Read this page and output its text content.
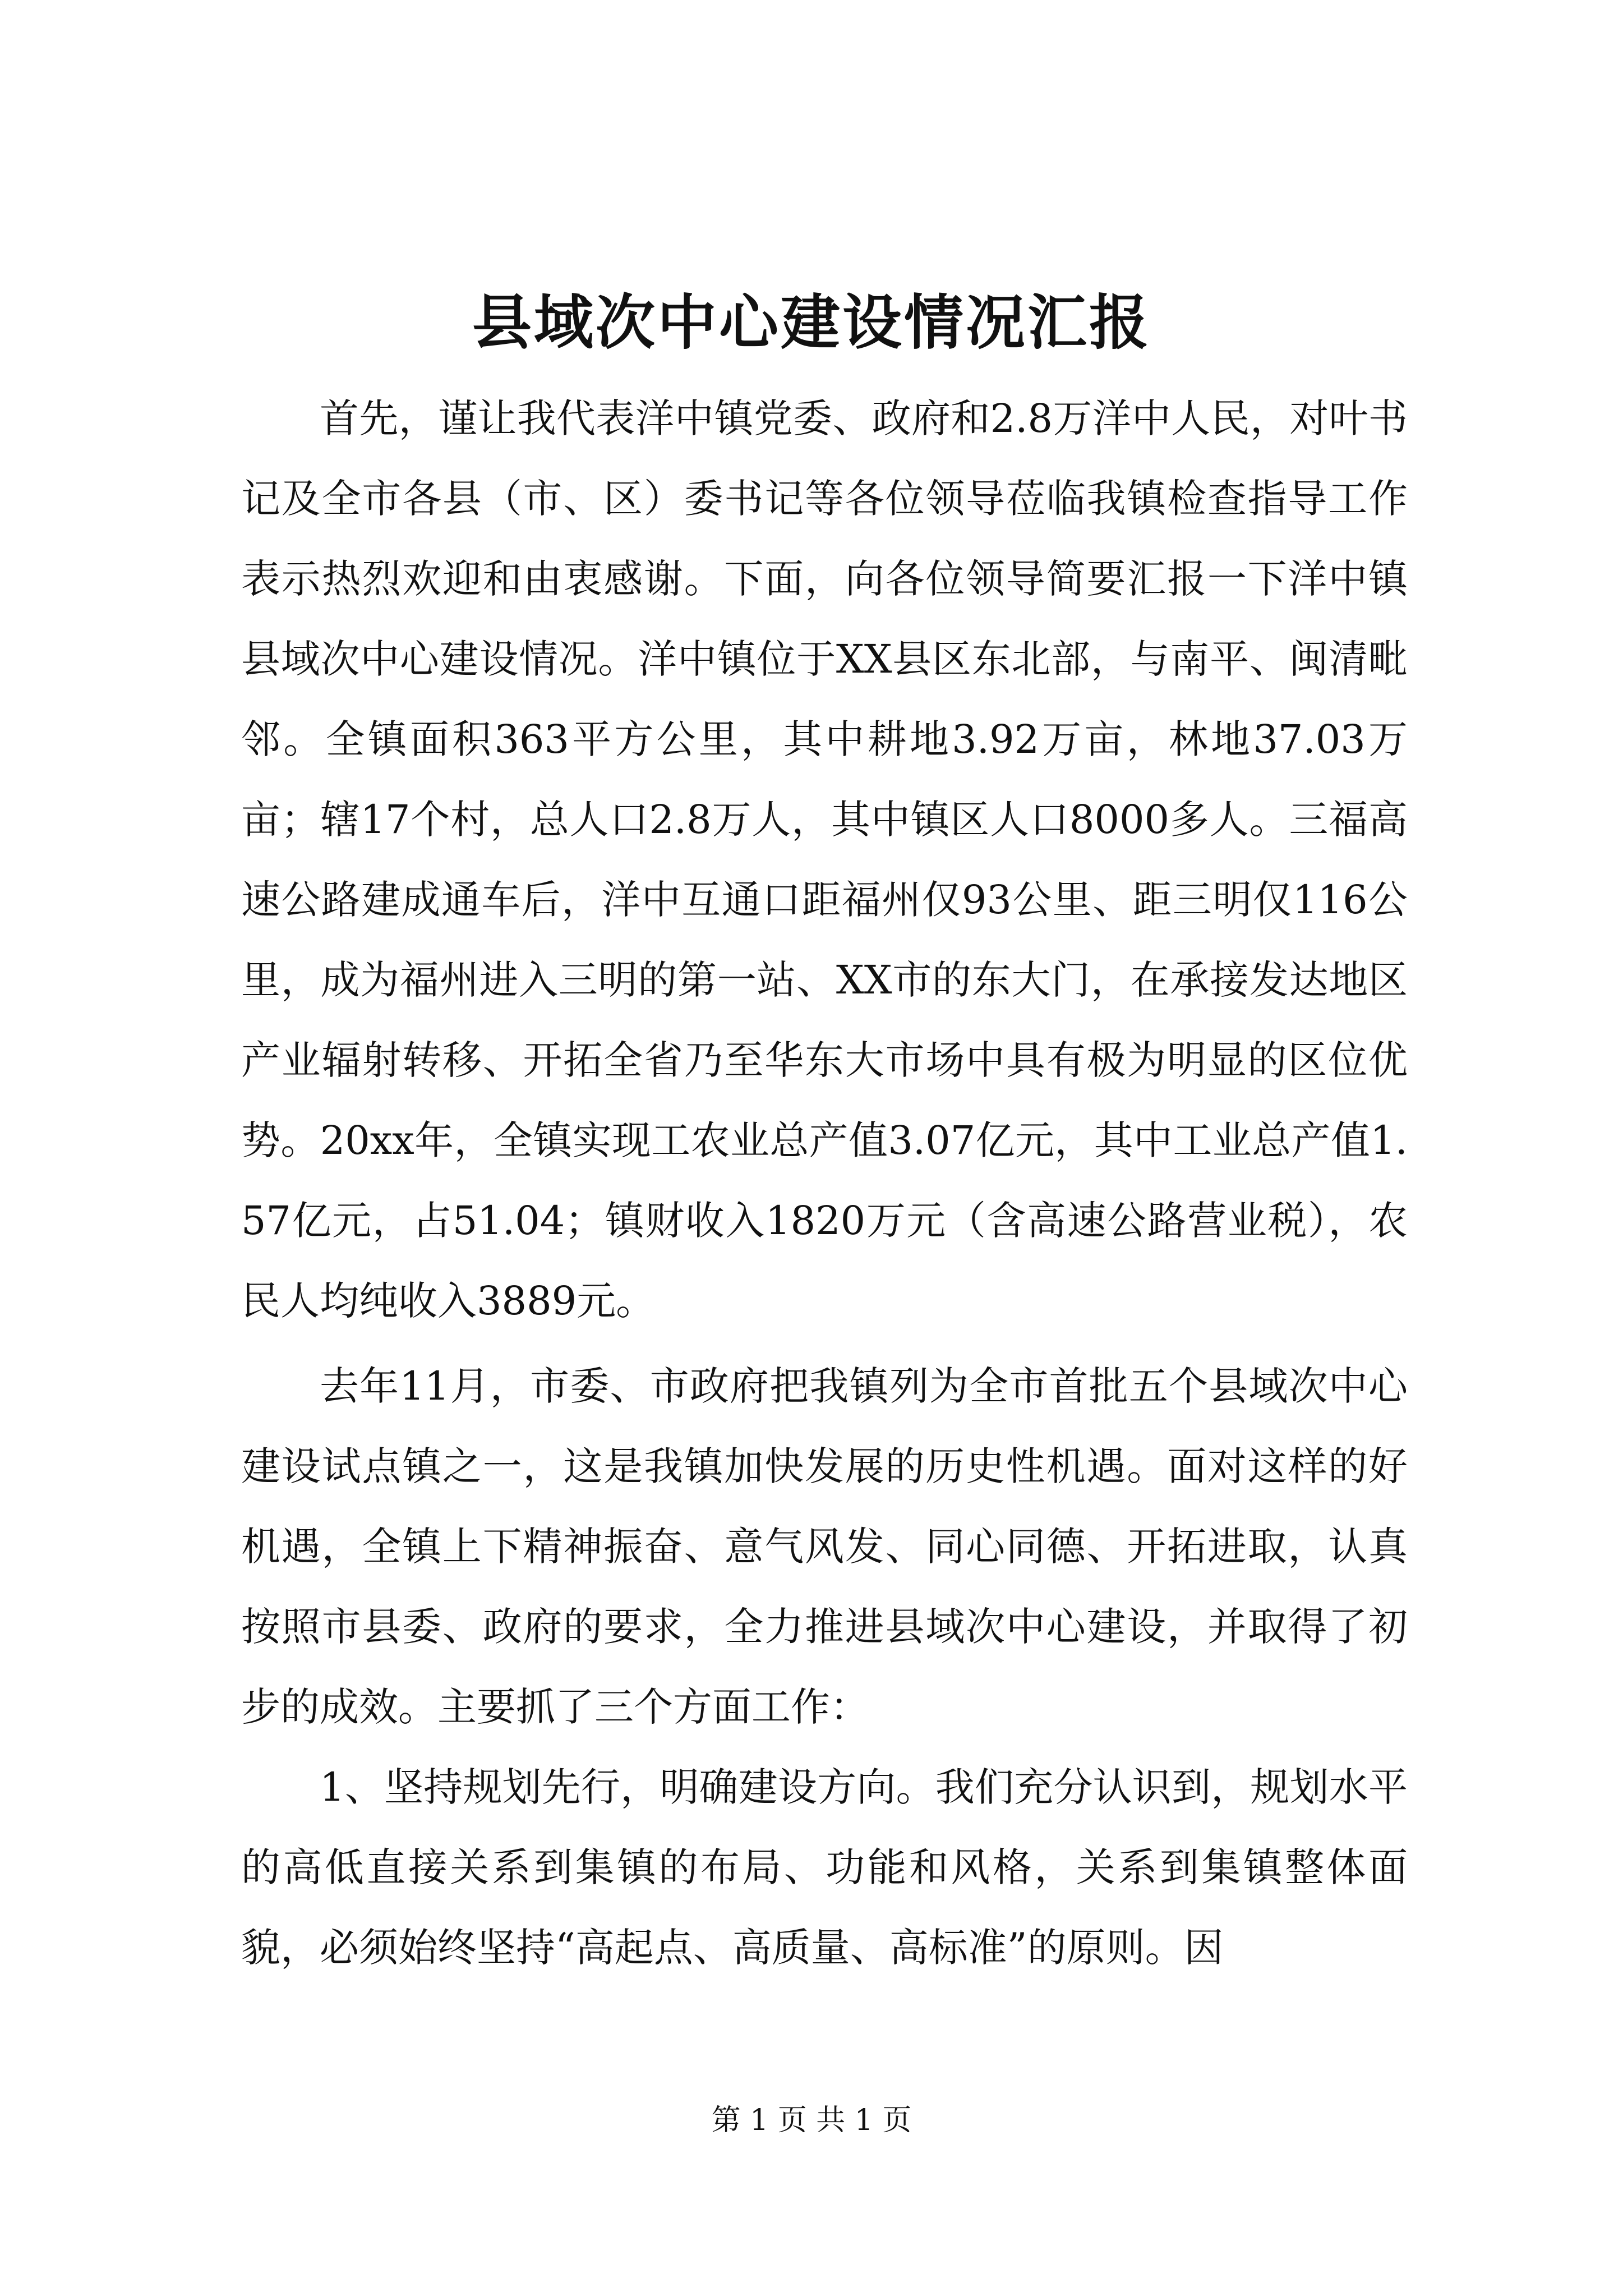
县域次中心建设情况汇报

首先，谨让我代表洋中镇党委、政府和2.8万洋中人民，对叶书记及全市各县（市、区）委书记等各位领导莅临我镇检查指导工作表示热烈欢迎和由衷感谢。下面，向各位领导简要汇报一下洋中镇县域次中心建设情况。洋中镇位于XX县区东北部，与南平、闽清毗邻。全镇面积363平方公里，其中耕地3.92万亩，林地37.03万亩；辖17个村，总人口2.8万人，其中镇区人口8000多人。三福高速公路建成通车后，洋中互通口距福州仅93公里、距三明仅116公里，成为福州进入三明的第一站、XX市的东大门，在承接发达地区产业辐射转移、开拓全省乃至华东大市场中具有极为明显的区位优势。20xx年，全镇实现工农业总产值3.07亿元，其中工业总产值1.57亿元，占51.04；镇财收入1820万元（含高速公路营业税），农民人均纯收入3889元。

去年11月，市委、市政府把我镇列为全市首批五个县域次中心建设试点镇之一，这是我镇加快发展的历史性机遇。面对这样的好机遇，全镇上下精神振奋、意气风发、同心同德、开拓进取，认真按照市县委、政府的要求，全力推进县域次中心建设，并取得了初步的成效。主要抓了三个方面工作：

1、坚持规划先行，明确建设方向。我们充分认识到，规划水平的高低直接关系到集镇的布局、功能和风格，关系到集镇整体面貌，必须始终坚持“高起点、高质量、高标准”的原则。因

第 1 页 共 1 页
